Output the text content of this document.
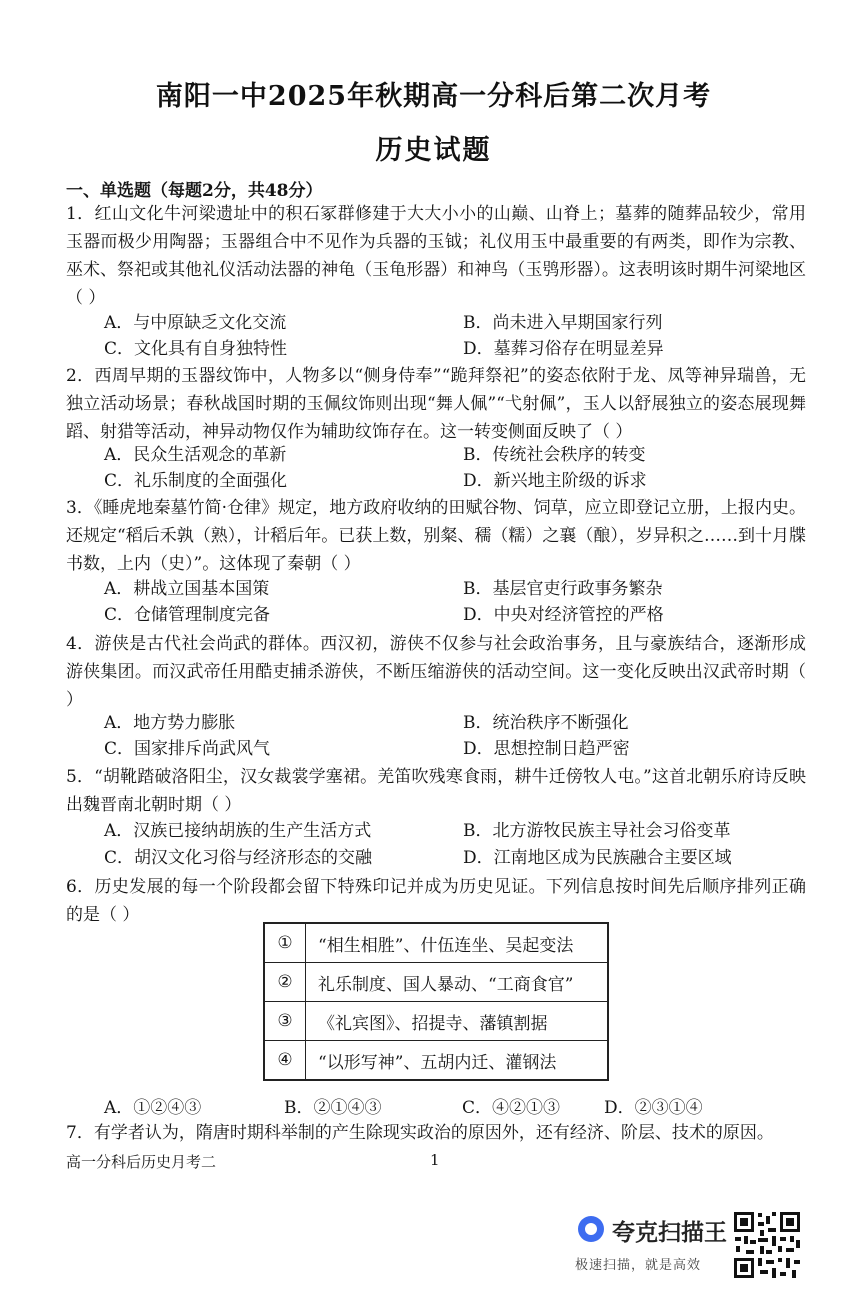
南阳一中2025年秋期高一分科后第二次月考
历史试题
一、单选题（每题2分，共48分）
1．红山文化牛河梁遗址中的积石冢群修建于大大小小的山巅、山脊上；墓葬的随葬品较少，常用玉器而极少用陶器；玉器组合中不见作为兵器的玉钺；礼仪用玉中最重要的有两类，即作为宗教、巫术、祭祀或其他礼仪活动法器的神龟（玉龟形器）和神鸟（玉鸮形器）。这表明该时期牛河梁地区（ ）
A．与中原缺乏文化交流	B．尚未进入早期国家行列
C．文化具有自身独特性	D．墓葬习俗存在明显差异
2．西周早期的玉器纹饰中，人物多以“侧身侍奉”“跪拜祭祀”的姿态依附于龙、凤等神异瑞兽，无独立活动场景；春秋战国时期的玉佩纹饰则出现“舞人佩”“弋射佩”，玉人以舒展独立的姿态展现舞蹈、射猎等活动，神异动物仅作为辅助纹饰存在。这一转变侧面反映了（ ）
A．民众生活观念的革新	B．传统社会秩序的转变
C．礼乐制度的全面强化	D．新兴地主阶级的诉求
3．《睡虎地秦墓竹简·仓律》规定，地方政府收纳的田赋谷物、饲草，应立即登记立册，上报内史。还规定“稻后禾孰（熟），计稻后年。已获上数，别粲、穤（糯）之襄（酿），岁异积之……到十月牒书数，上内（史）”。这体现了秦朝（ ）
A．耕战立国基本国策	B．基层官吏行政事务繁杂
C．仓储管理制度完备	D．中央对经济管控的严格
4．游侠是古代社会尚武的群体。西汉初，游侠不仅参与社会政治事务，且与豪族结合，逐渐形成游侠集团。而汉武帝任用酷吏捕杀游侠，不断压缩游侠的活动空间。这一变化反映出汉武帝时期（ ）
A．地方势力膨胀	B．统治秩序不断强化
C．国家排斥尚武风气	D．思想控制日趋严密
5．“胡靴踏破洛阳尘，汉女裁裳学塞裙。羌笛吹残寒食雨，耕牛迁傍牧人屯。”这首北朝乐府诗反映出魏晋南北朝时期（ ）
A．汉族已接纳胡族的生产生活方式	B．北方游牧民族主导社会习俗变革
C．胡汉文化习俗与经济形态的交融	D．江南地区成为民族融合主要区域
6．历史发展的每一个阶段都会留下特殊印记并成为历史见证。下列信息按时间先后顺序排列正确的是（ ）
①	“相生相胜”、什伍连坐、吴起变法
②	礼乐制度、国人暴动、“工商食官”
③	《礼宾图》、招提寺、藩镇割据
④	“以形写神”、五胡内迁、灌钢法
A．①②④③	B．②①④③	C．④②①③	D．②③①④
7．有学者认为，隋唐时期科举制的产生除现实政治的原因外，还有经济、阶层、技术的原因。
高一分科后历史月考二	1
夸克扫描王
极速扫描，就是高效
